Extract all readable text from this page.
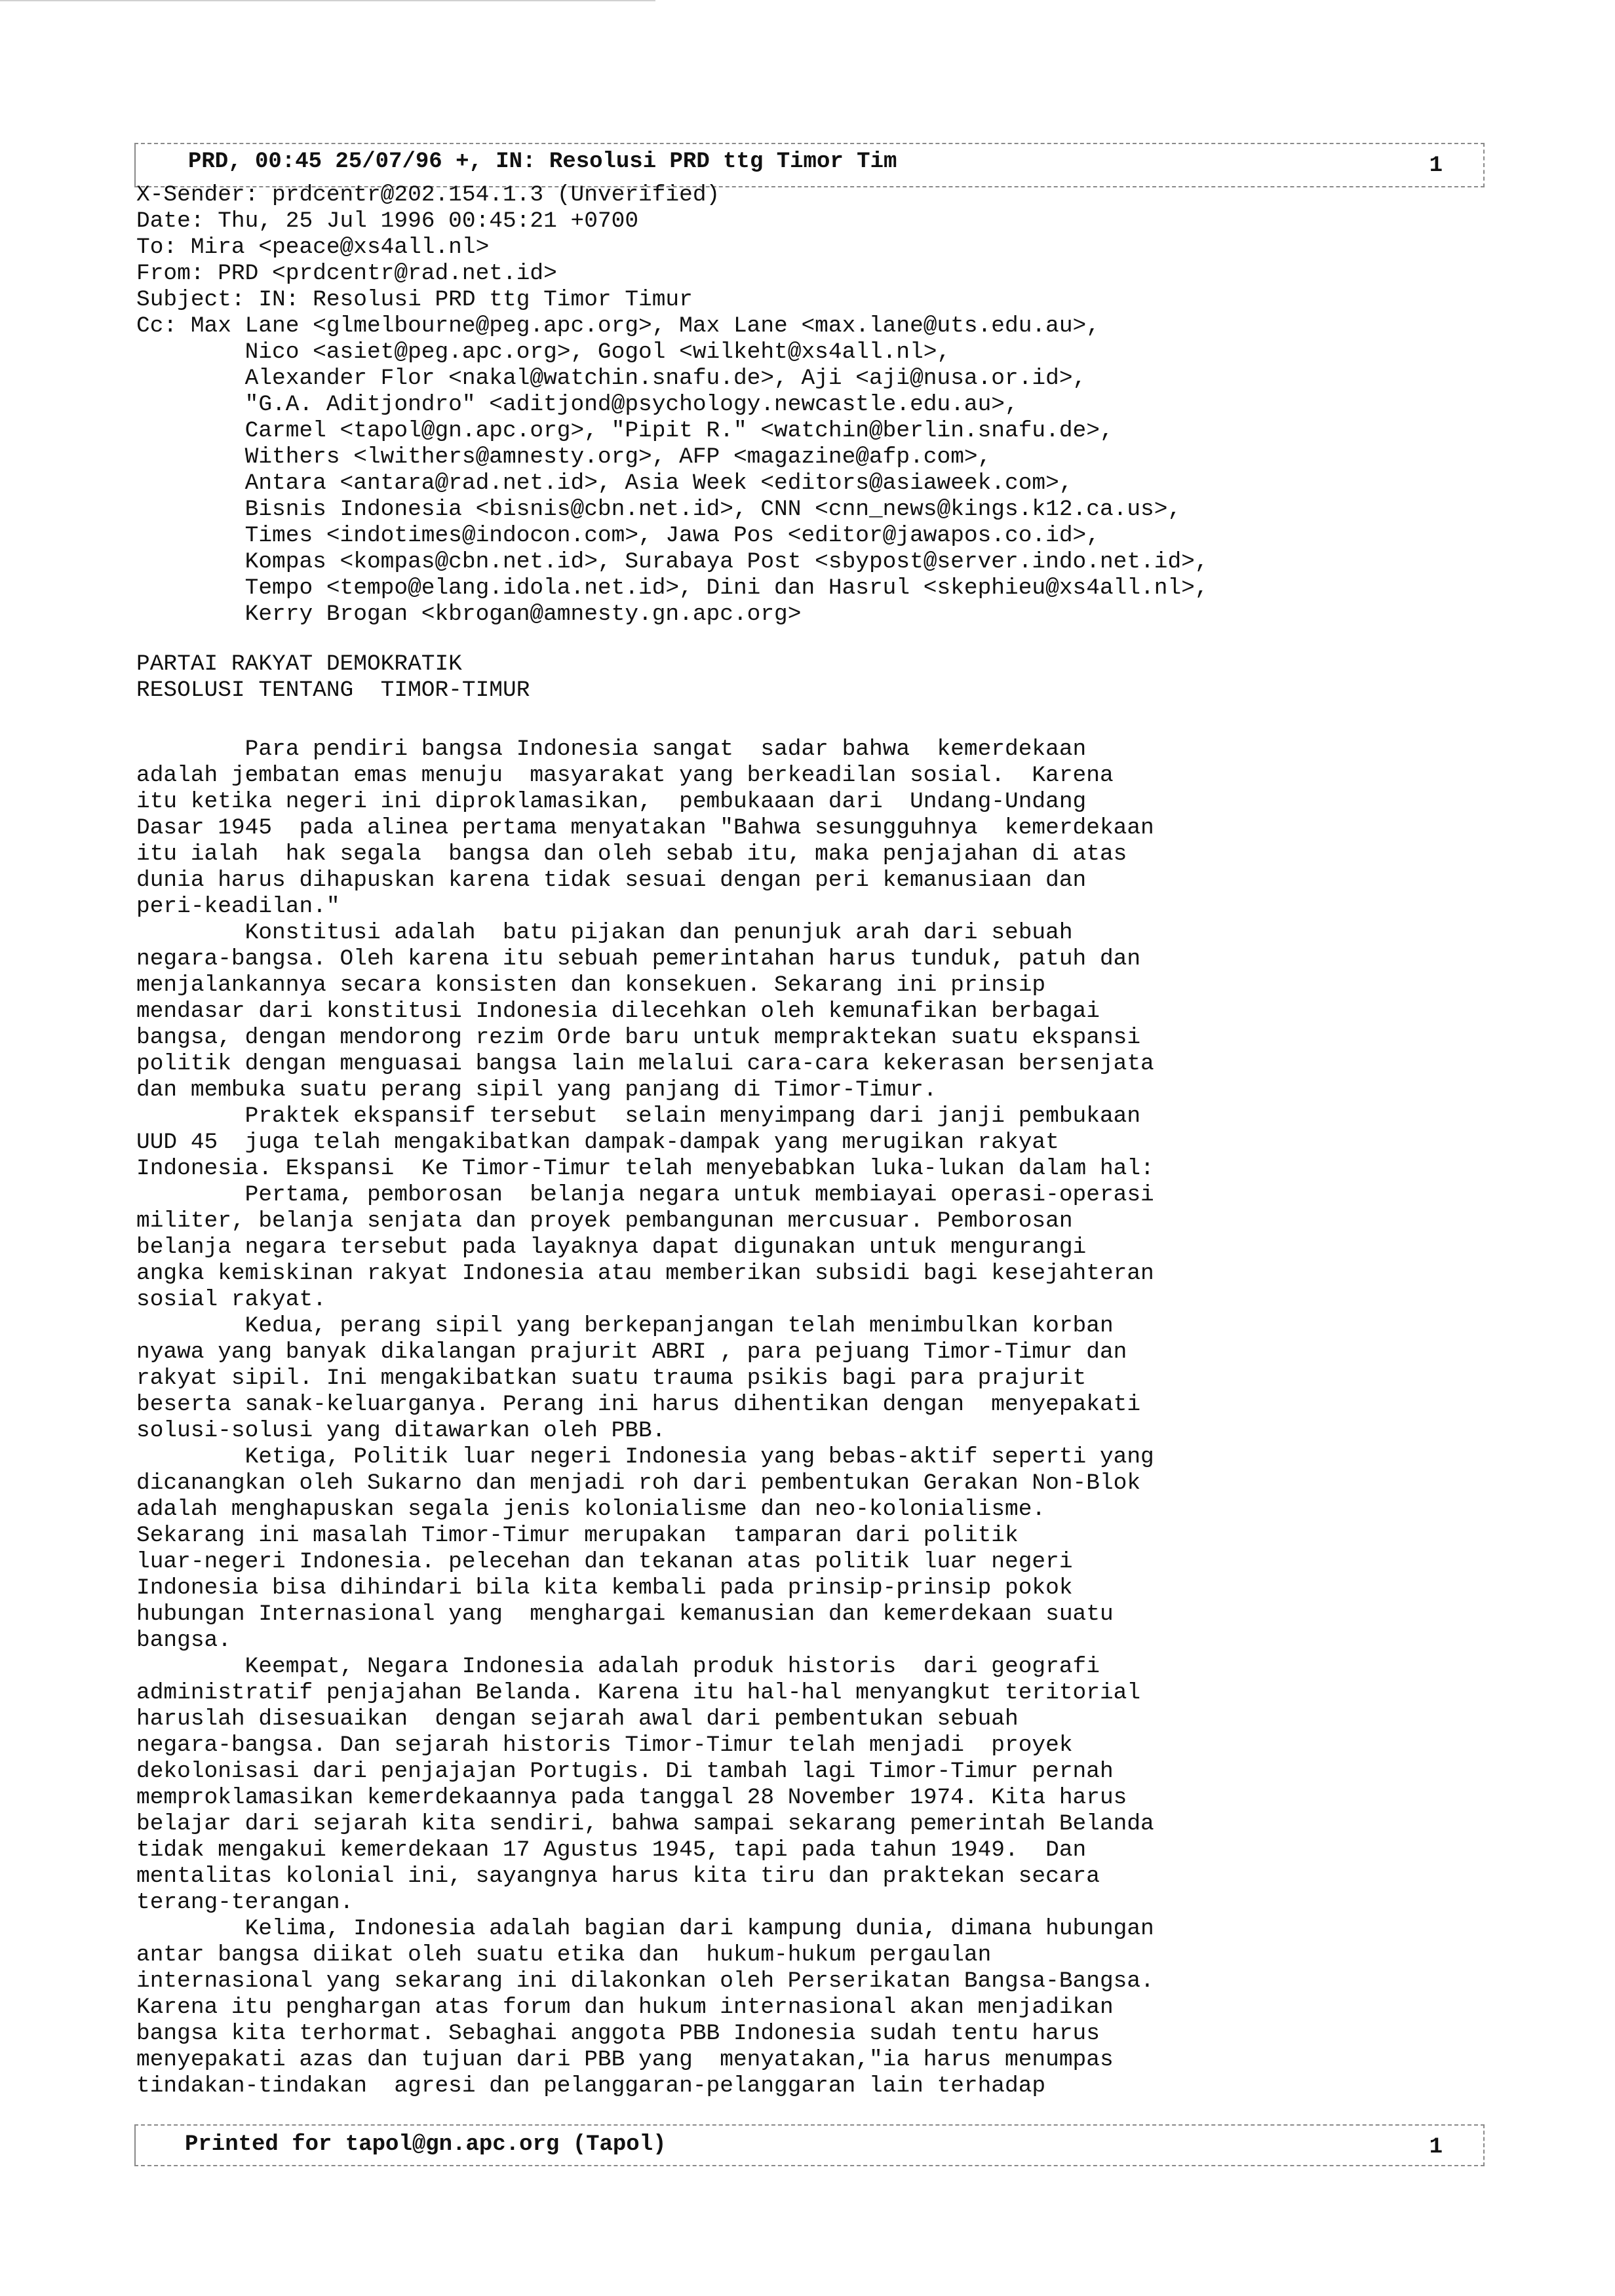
PRD, 00:45 25/07/96 +, IN: Resolusi PRD ttg Timor Tim	1
X-Sender: prdcentr@202.154.1.3 (Unverified)
Date: Thu, 25 Jul 1996 00:45:21 +0700
To: Mira <peace@xs4all.nl>
From: PRD <prdcentr@rad.net.id>
Subject: IN: Resolusi PRD ttg Timor Timur
Cc: Max Lane <glmelbourne@peg.apc.org>, Max Lane <max.lane@uts.edu.au>,
Nico <asiet@peg.apc.org>, Gogol <wilkeht@xs4all.nl>,
Alexander Flor <nakal@watchin.snafu.de>, Aji <aji@nusa.or.id>,
"G.A. Aditjondro" <aditjond@psychology.newcastle.edu.au>,
Carmel <tapol@gn.apc.org>, "Pipit R." <watchin@berlin.snafu.de>,
Withers <lwithers@amnesty.org>, AFP <magazine@afp.com>,
Antara <antara@rad.net.id>, Asia Week <editors@asiaweek.com>,
Bisnis Indonesia <bisnis@cbn.net.id>, CNN <cnn_news@kings.k12.ca.us>,
Times <indotimes@indocon.com>, Jawa Pos <editor@jawapos.co.id>,
Kompas <kompas@cbn.net.id>, Surabaya Post <sbypost@server.indo.net.id>,
Tempo <tempo@elang.idola.net.id>, Dini dan Hasrul <skephieu@xs4all.nl>,
Kerry Brogan <kbrogan@amnesty.gn.apc.org>
PARTAI RAKYAT DEMOKRATIK
RESOLUSI TENTANG  TIMOR-TIMUR

Para pendiri bangsa Indonesia sangat  sadar bahwa  kemerdekaan

adalah jembatan emas menuju  masyarakat yang berkeadilan sosial.  Karena

itu ketika negeri ini diproklamasikan,  pembukaaan dari  Undang-Undang

Dasar 1945  pada alinea pertama menyatakan "Bahwa sesungguhnya  kemerdekaan

itu ialah  hak segala  bangsa dan oleh sebab itu, maka penjajahan di atas

dunia harus dihapuskan karena tidak sesuai dengan peri kemanusiaan dan

peri-keadilan."

Konstitusi adalah  batu pijakan dan penunjuk arah dari sebuah

negara-bangsa. Oleh karena itu sebuah pemerintahan harus tunduk, patuh dan

menjalankannya secara konsisten dan konsekuen. Sekarang ini prinsip

mendasar dari konstitusi Indonesia dilecehkan oleh kemunafikan berbagai

bangsa, dengan mendorong rezim Orde baru untuk mempraktekan suatu ekspansi

politik dengan menguasai bangsa lain melalui cara-cara kekerasan bersenjata

dan membuka suatu perang sipil yang panjang di Timor-Timur.

Praktek ekspansif tersebut  selain menyimpang dari janji pembukaan

UUD 45  juga telah mengakibatkan dampak-dampak yang merugikan rakyat

Indonesia. Ekspansi  Ke Timor-Timur telah menyebabkan luka-lukan dalam hal:

Pertama, pemborosan  belanja negara untuk membiayai operasi-operasi

militer, belanja senjata dan proyek pembangunan mercusuar. Pemborosan

belanja negara tersebut pada layaknya dapat digunakan untuk mengurangi

angka kemiskinan rakyat Indonesia atau memberikan subsidi bagi kesejahteran

sosial rakyat.

Kedua, perang sipil yang berkepanjangan telah menimbulkan korban

nyawa yang banyak dikalangan prajurit ABRI , para pejuang Timor-Timur dan

rakyat sipil. Ini mengakibatkan suatu trauma psikis bagi para prajurit

beserta sanak-keluarganya. Perang ini harus dihentikan dengan  menyepakati

solusi-solusi yang ditawarkan oleh PBB.

Ketiga, Politik luar negeri Indonesia yang bebas-aktif seperti yang

dicanangkan oleh Sukarno dan menjadi roh dari pembentukan Gerakan Non-Blok

adalah menghapuskan segala jenis kolonialisme dan neo-kolonialisme.

Sekarang ini masalah Timor-Timur merupakan  tamparan dari politik

luar-negeri Indonesia. pelecehan dan tekanan atas politik luar negeri

Indonesia bisa dihindari bila kita kembali pada prinsip-prinsip pokok

hubungan Internasional yang  menghargai kemanusian dan kemerdekaan suatu

bangsa.

Keempat, Negara Indonesia adalah produk historis  dari geografi

administratif penjajahan Belanda. Karena itu hal-hal menyangkut teritorial

haruslah disesuaikan  dengan sejarah awal dari pembentukan sebuah

negara-bangsa. Dan sejarah historis Timor-Timur telah menjadi  proyek

dekolonisasi dari penjajajan Portugis. Di tambah lagi Timor-Timur pernah

memproklamasikan kemerdekaannya pada tanggal 28 November 1974. Kita harus

belajar dari sejarah kita sendiri, bahwa sampai sekarang pemerintah Belanda

tidak mengakui kemerdekaan 17 Agustus 1945, tapi pada tahun 1949.  Dan

mentalitas kolonial ini, sayangnya harus kita tiru dan praktekan secara

terang-terangan.

Kelima, Indonesia adalah bagian dari kampung dunia, dimana hubungan

antar bangsa diikat oleh suatu etika dan  hukum-hukum pergaulan

internasional yang sekarang ini dilakonkan oleh Perserikatan Bangsa-Bangsa.

Karena itu penghargan atas forum dan hukum internasional akan menjadikan

bangsa kita terhormat. Sebaghai anggota PBB Indonesia sudah tentu harus

menyepakati azas dan tujuan dari PBB yang  menyatakan,"ia harus menumpas

tindakan-tindakan  agresi dan pelanggaran-pelanggaran lain terhadap

Printed for tapol@gn.apc.org (Tapol)	1
